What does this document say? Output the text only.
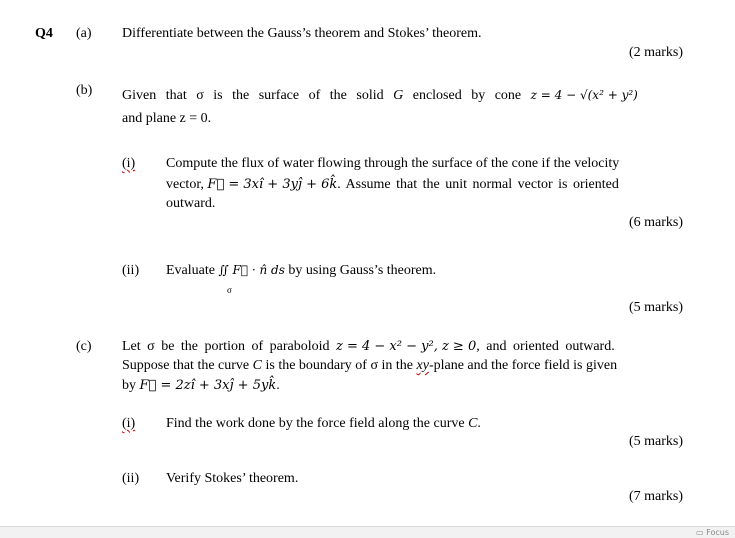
Q4 (a) Differentiate between the Gauss’s theorem and Stokes’ theorem.
(2 marks)
(b) Given that σ is the surface of the solid G enclosed by cone z = 4 − √(x² + y²)
and plane z = 0.
(i) Compute the flux of water flowing through the surface of the cone if the velocity
vector, F⃗ = 3xî + 3yĵ + 6k̂. Assume that the unit normal vector is oriented
outward.
(6 marks)
(ii) Evaluate ∬ F⃗ · n̂ ds by using Gauss’s theorem.
σ
(5 marks)
(c) Let σ be the portion of paraboloid z = 4 − x² − y², z ≥ 0, and oriented outward.
Suppose that the curve C is the boundary of σ in the xy-plane and the force field is given
by F⃗ = 2zî + 3xĵ + 5yk̂.
(i) Find the work done by the force field along the curve C.
(5 marks)
(ii) Verify Stokes’ theorem.
(7 marks)
▭ Focus
